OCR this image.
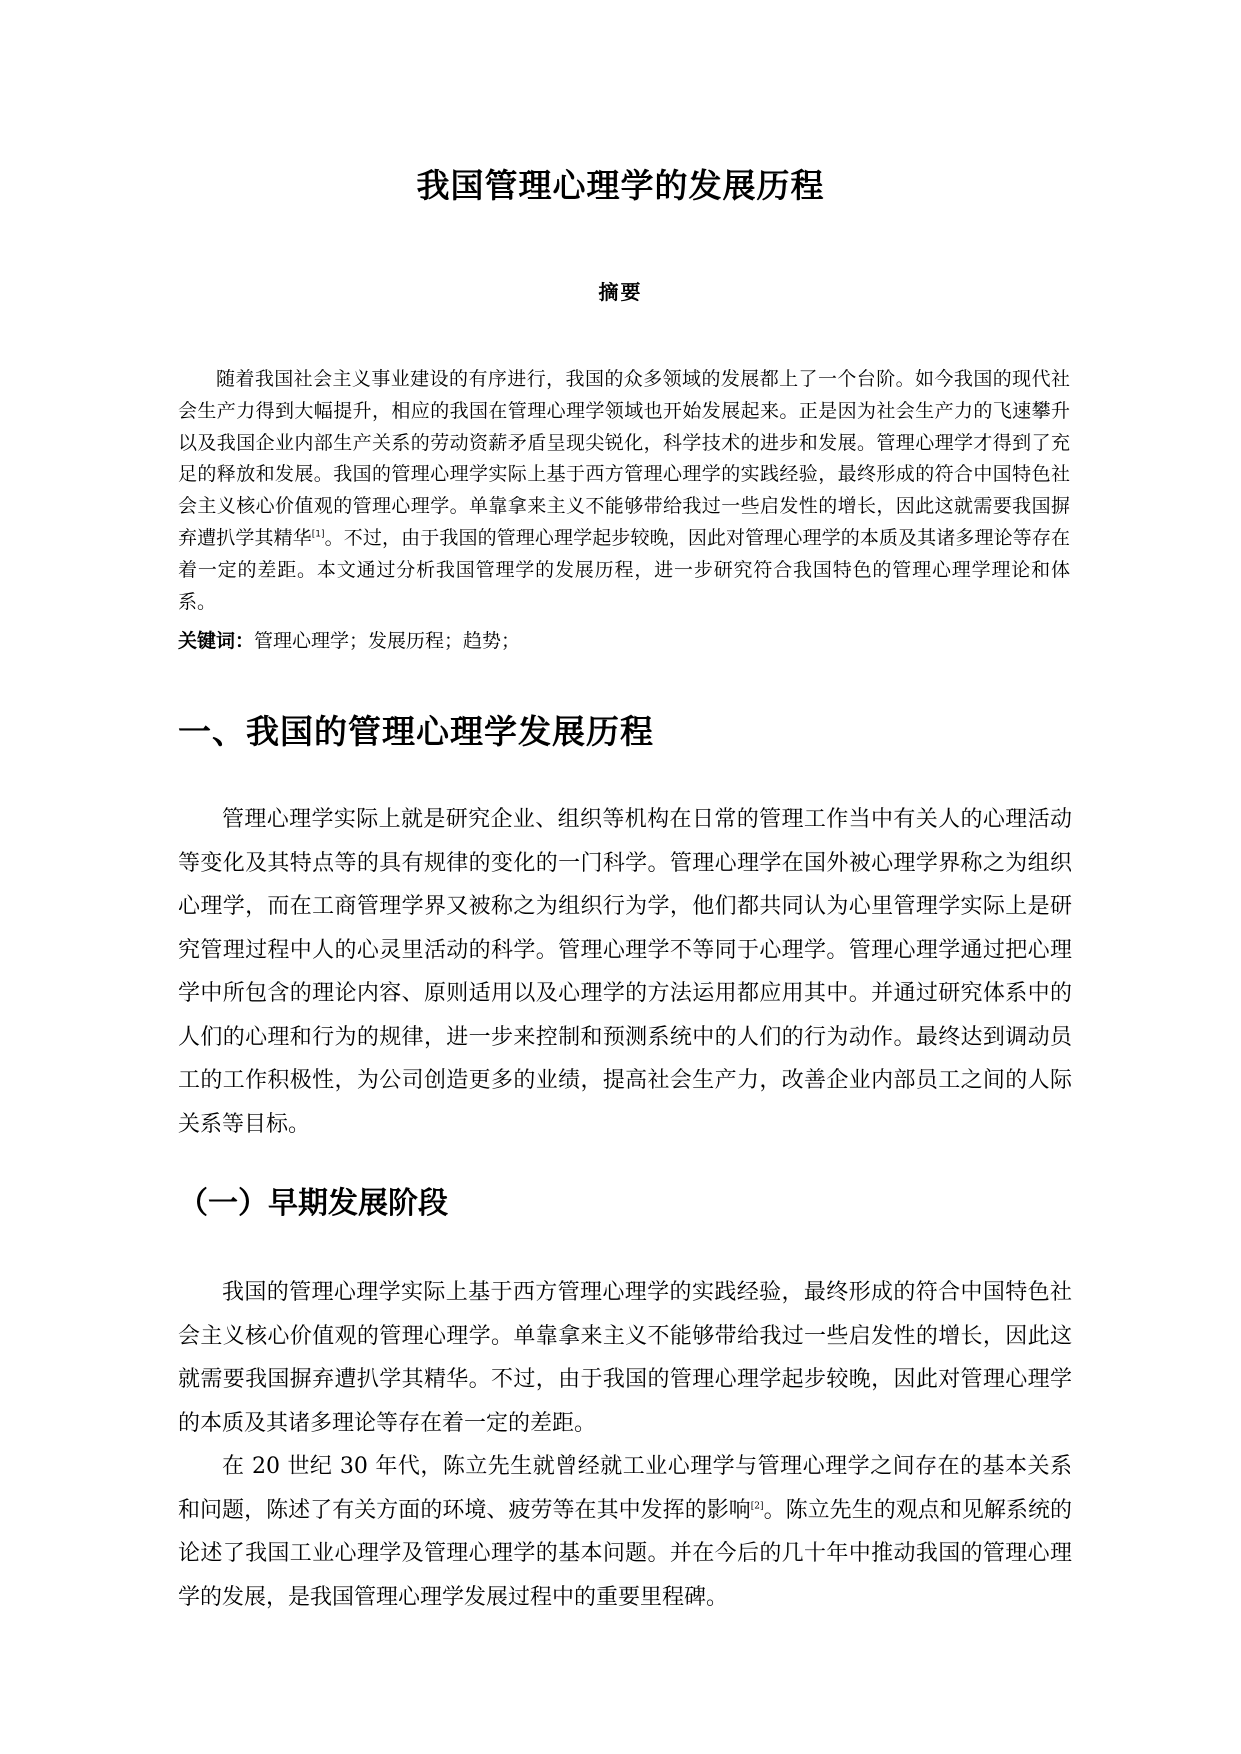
我国管理心理学的发展历程
摘要

随着我国社会主义事业建设的有序进行，我国的众多领域的发展都上了一个台阶。如今我国的现代社会生产力得到大幅提升，相应的我国在管理心理学领域也开始发展起来。正是因为社会生产力的飞速攀升以及我国企业内部生产关系的劳动资薪矛盾呈现尖锐化，科学技术的进步和发展。管理心理学才得到了充足的释放和发展。我国的管理心理学实际上基于西方管理心理学的实践经验，最终形成的符合中国特色社会主义核心价值观的管理心理学。单靠拿来主义不能够带给我过一些启发性的增长，因此这就需要我国摒弃遭扒学其精华[1]。不过，由于我国的管理心理学起步较晚，因此对管理心理学的本质及其诸多理论等存在着一定的差距。本文通过分析我国管理学的发展历程，进一步研究符合我国特色的管理心理学理论和体系。

关键词：管理心理学；发展历程；趋势；
一、我国的管理心理学发展历程

管理心理学实际上就是研究企业、组织等机构在日常的管理工作当中有关人的心理活动等变化及其特点等的具有规律的变化的一门科学。管理心理学在国外被心理学界称之为组织心理学，而在工商管理学界又被称之为组织行为学，他们都共同认为心里管理学实际上是研究管理过程中人的心灵里活动的科学。管理心理学不等同于心理学。管理心理学通过把心理学中所包含的理论内容、原则适用以及心理学的方法运用都应用其中。并通过研究体系中的人们的心理和行为的规律，进一步来控制和预测系统中的人们的行为动作。最终达到调动员工的工作积极性，为公司创造更多的业绩，提高社会生产力，改善企业内部员工之间的人际关系等目标。

（一）早期发展阶段

我国的管理心理学实际上基于西方管理心理学的实践经验，最终形成的符合中国特色社会主义核心价值观的管理心理学。单靠拿来主义不能够带给我过一些启发性的增长，因此这就需要我国摒弃遭扒学其精华。不过，由于我国的管理心理学起步较晚，因此对管理心理学的本质及其诸多理论等存在着一定的差距。

在 20 世纪 30 年代，陈立先生就曾经就工业心理学与管理心理学之间存在的基本关系和问题，陈述了有关方面的环境、疲劳等在其中发挥的影响[2]。陈立先生的观点和见解系统的论述了我国工业心理学及管理心理学的基本问题。并在今后的几十年中推动我国的管理心理学的发展，是我国管理心理学发展过程中的重要里程碑。
